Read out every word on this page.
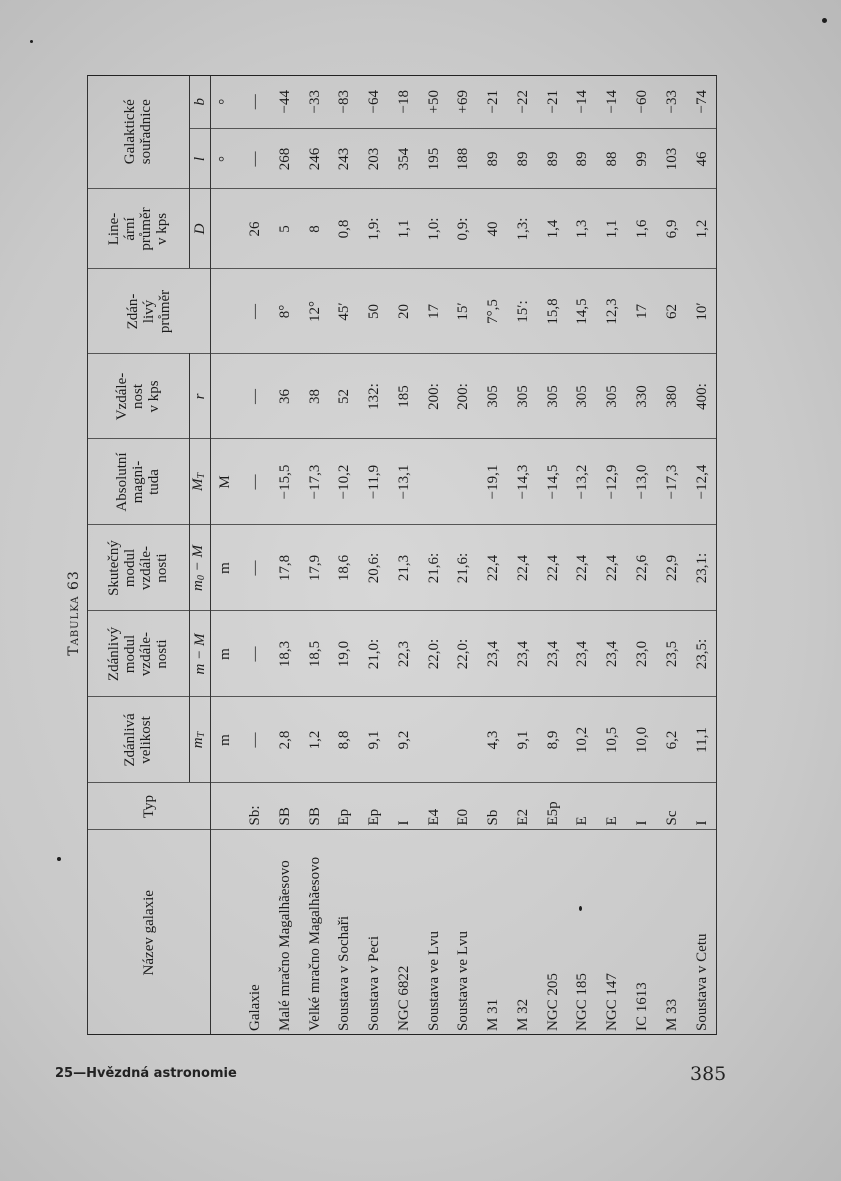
Tabulka 63
Název galaxie	Typ	Zdánlivá
velikost	Zdánlivý
modul
vzdále-
nosti	Skutečný
modul
vzdále-
nosti	Absolutní
magni-
tuda	Vzdále-
nost
v kps	Zdán-
livý
průměr	Line-
ární
průměr
v kps	Galaktické
souřadnice	
		$m_T$	m − M	$m_0 - M$	$M_T$	r		D	l	b
		m	m	m	M				°	°
Galaxie	Sb:	—	—	—	—	—	—	26	—	—
Malé mračno Magalhãesovo	SB	2,8	18,3	17,8	−15,5	36	8°	5	268	−44
Velké mračno Magalhãesovo	SB	1,2	18,5	17,9	−17,3	38	12°	8	246	−33
Soustava v Sochaři	Ep	8,8	19,0	18,6	−10,2	52	45′	0,8	243	−83
Soustava v Peci	Ep	9,1	21,0:	20,6:	−11,9	132:	50	1,9:	203	−64
NGC 6822	I	9,2	22,3	21,3	−13,1	185	20	1,1	354	−18
Soustava ve Lvu	E4		22,0:	21,6:		200:	17	1,0:	195	+50
Soustava ve Lvu	E0		22,0:	21,6:		200:	15′	0,9:	188	+69
M 31	Sb	4,3	23,4	22,4	−19,1	305	7°,5	40	89	−21
M 32	E2	9,1	23,4	22,4	−14,3	305	15′:	1,3:	89	−22
NGC 205	E5p	8,9	23,4	22,4	−14,5	305	15,8	1,4	89	−21
NGC 185	E	10,2	23,4	22,4	−13,2	305	14,5	1,3	89	−14
NGC 147	E	10,5	23,4	22,4	−12,9	305	12,3	1,1	88	−14
IC 1613	I	10,0	23,0	22,6	−13,0	330	17	1,6	99	−60
M 33	Sc	6,2	23,5	22,9	−17,3	380	62	6,9	103	−33
Soustava v Cetu	I	11,1	23,5:	23,1:	−12,4	400:	10′	1,2	46	−74
25—Hvězdná astronomie	385
